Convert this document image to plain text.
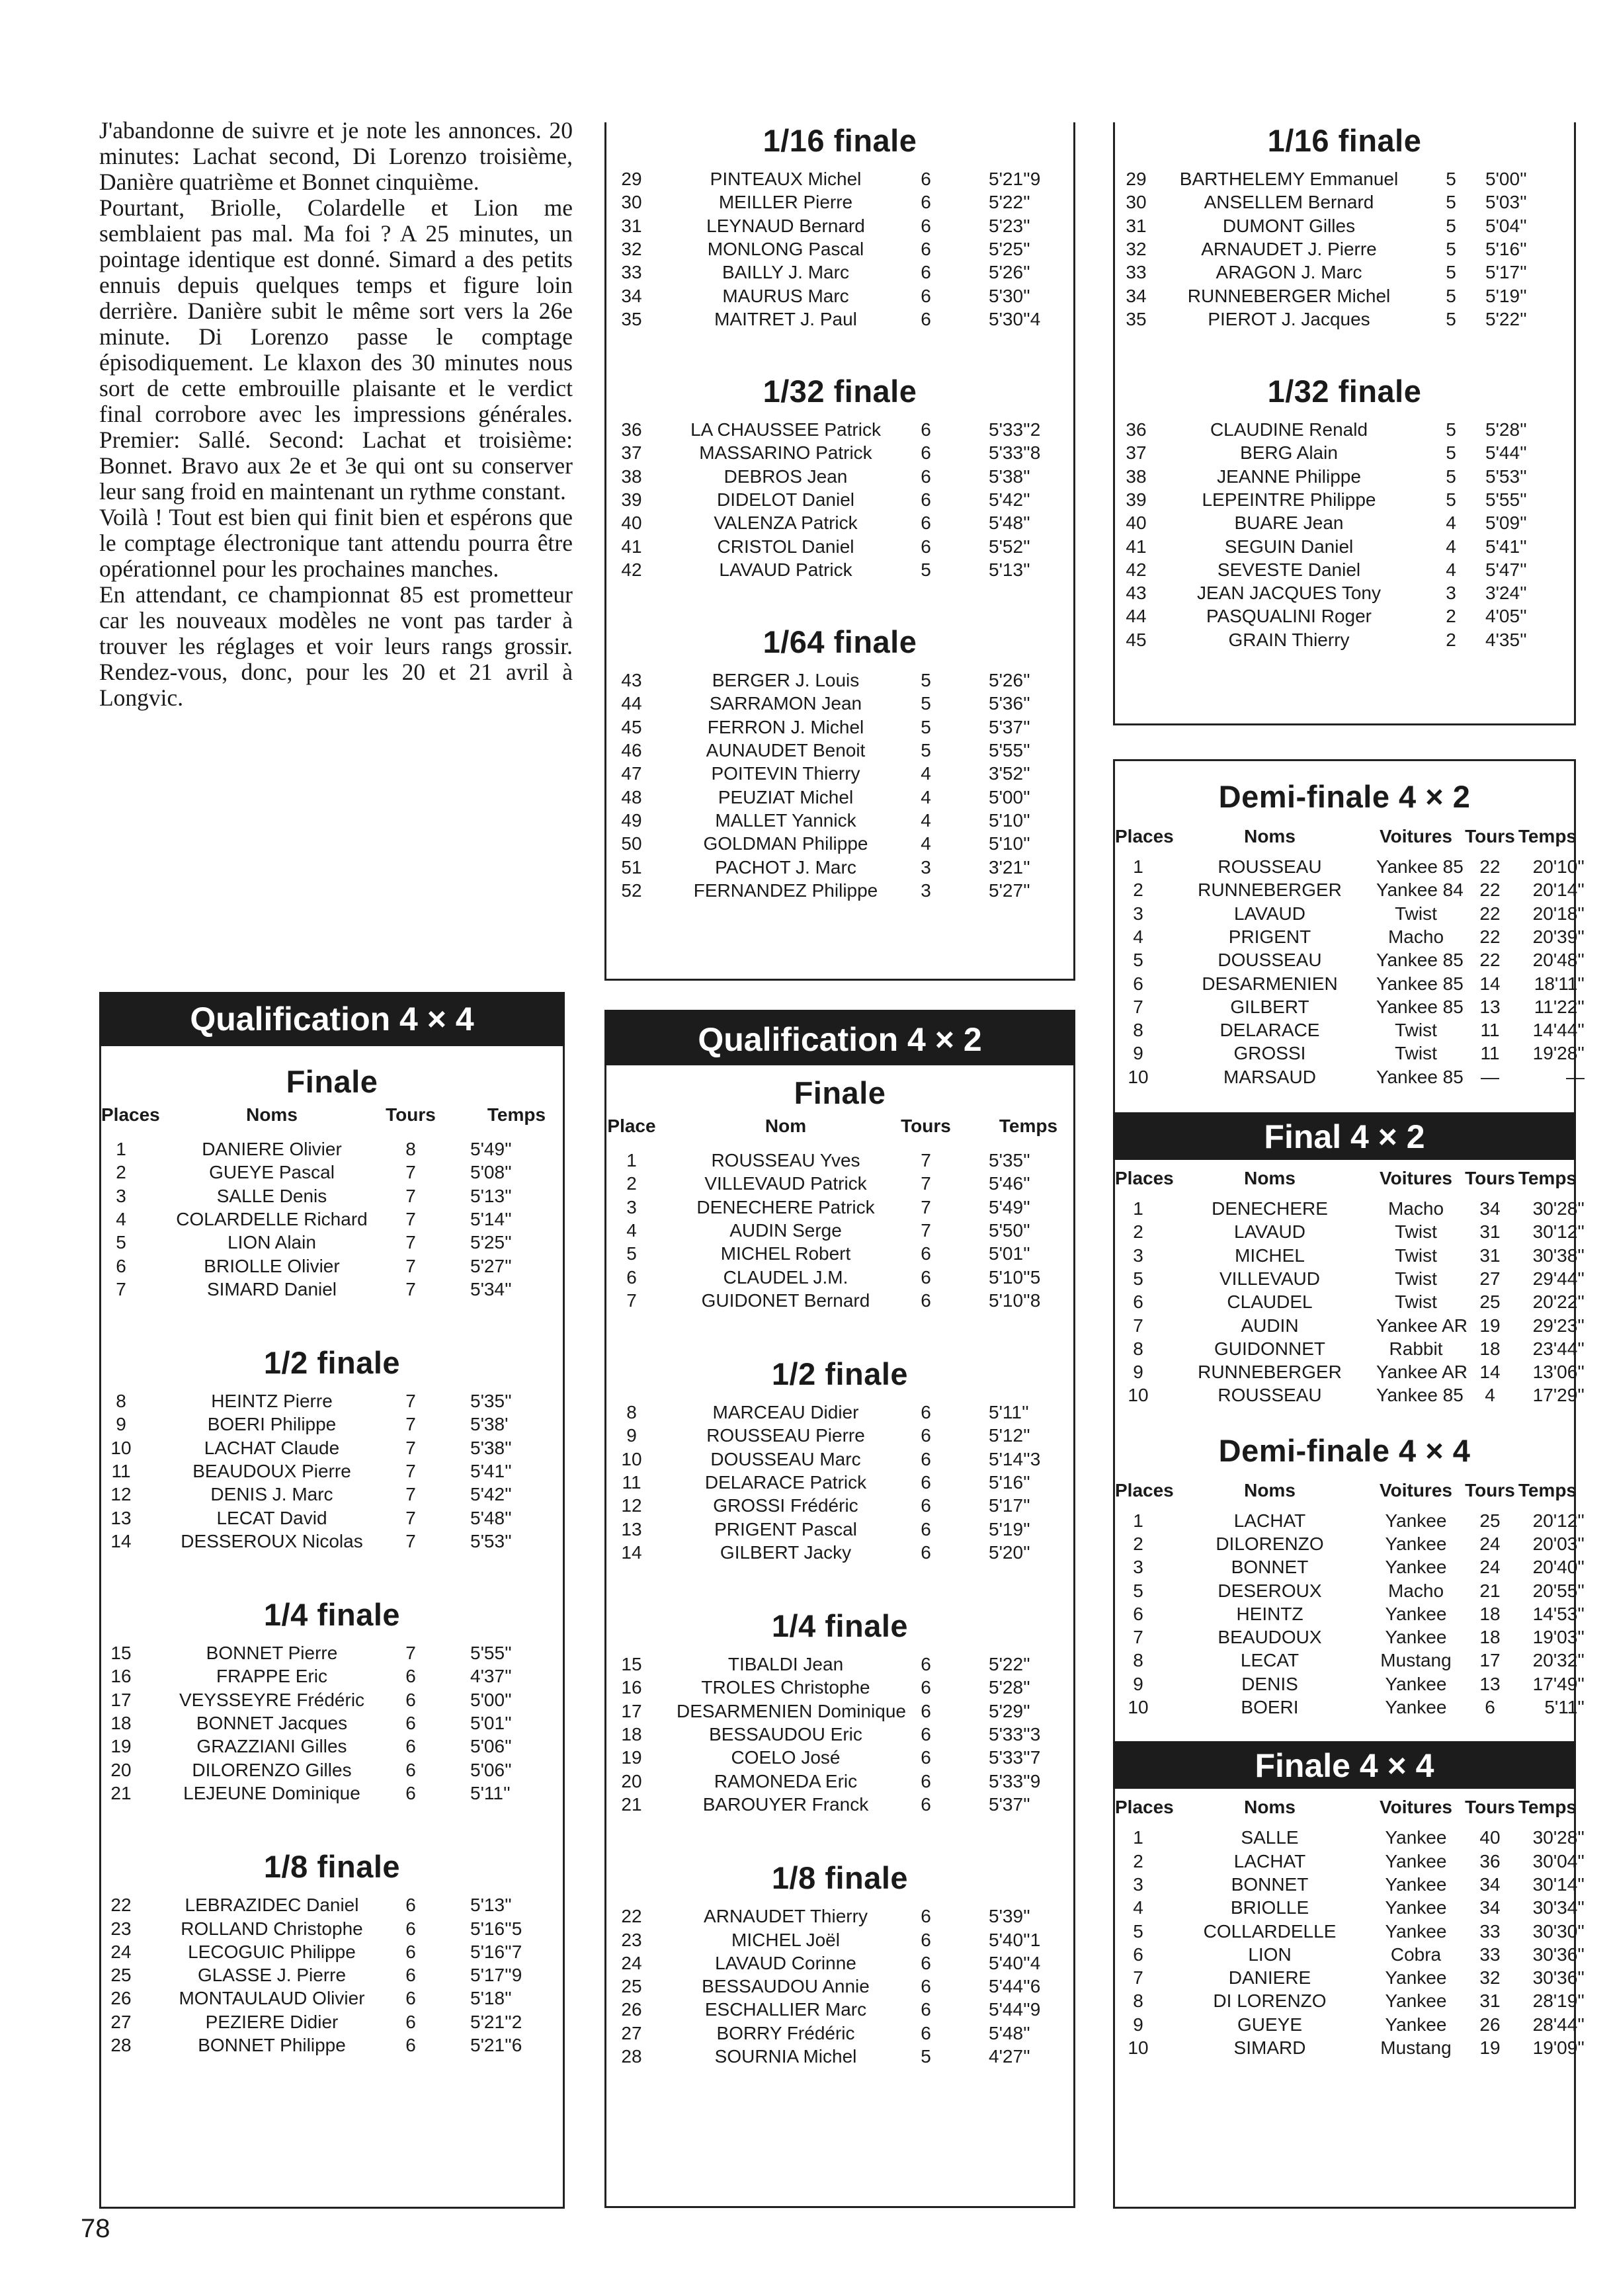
J'abandonne de suivre et je note les annonces. 20 minutes: Lachat second, Di Lorenzo troisième, Danière quatrième et Bonnet cinquième.

Pourtant, Briolle, Colardelle et Lion me semblaient pas mal. Ma foi ? A 25 minutes, un pointage identique est donné. Simard a des petits ennuis depuis quelques temps et figure loin derrière. Danière subit le même sort vers la 26e minute. Di Lorenzo passe le comptage épisodiquement. Le klaxon des 30 minutes nous sort de cette embrouille plaisante et le verdict final corrobore avec les impressions générales. Premier: Sallé. Second: Lachat et troisième: Bonnet. Bravo aux 2e et 3e qui ont su conserver leur sang froid en maintenant un rythme constant.

Voilà ! Tout est bien qui finit bien et espérons que le comptage électronique tant attendu pourra être opérationnel pour les prochaines manches.

En attendant, ce championnat 85 est prometteur car les nouveaux modèles ne vont pas tarder à trouver les réglages et voir leurs rangs grossir. Rendez-vous, donc, pour les 20 et 21 avril à Longvic.

Qualification 4 × 4
Finale
Places	Noms	Tours	Temps
1	DANIERE Olivier	8	5'49''
2	GUEYE Pascal	7	5'08''
3	SALLE Denis	7	5'13''
4	COLARDELLE Richard	7	5'14''
5	LION Alain	7	5'25''
6	BRIOLLE Olivier	7	5'27''
7	SIMARD Daniel	7	5'34''
1/2 finale
8	HEINTZ Pierre	7	5'35''
9	BOERI Philippe	7	5'38'
10	LACHAT Claude	7	5'38''
11	BEAUDOUX Pierre	7	5'41''
12	DENIS J. Marc	7	5'42''
13	LECAT David	7	5'48''
14	DESSEROUX Nicolas	7	5'53''
1/4 finale
15	BONNET Pierre	7	5'55''
16	FRAPPE Eric	6	4'37''
17	VEYSSEYRE Frédéric	6	5'00''
18	BONNET Jacques	6	5'01''
19	GRAZZIANI Gilles	6	5'06''
20	DILORENZO Gilles	6	5'06''
21	LEJEUNE Dominique	6	5'11''
1/8 finale
22	LEBRAZIDEC Daniel	6	5'13''
23	ROLLAND Christophe	6	5'16''5
24	LECOGUIC Philippe	6	5'16''7
25	GLASSE J. Pierre	6	5'17''9
26	MONTAULAUD Olivier	6	5'18''
27	PEZIERE Didier	6	5'21''2
28	BONNET Philippe	6	5'21''6
1/16 finale
29	PINTEAUX Michel	6	5'21''9
30	MEILLER Pierre	6	5'22''
31	LEYNAUD Bernard	6	5'23''
32	MONLONG Pascal	6	5'25''
33	BAILLY J. Marc	6	5'26''
34	MAURUS Marc	6	5'30''
35	MAITRET J. Paul	6	5'30''4
1/32 finale
36	LA CHAUSSEE Patrick	6	5'33''2
37	MASSARINO Patrick	6	5'33''8
38	DEBROS Jean	6	5'38''
39	DIDELOT Daniel	6	5'42''
40	VALENZA Patrick	6	5'48''
41	CRISTOL Daniel	6	5'52''
42	LAVAUD Patrick	5	5'13''
1/64 finale
43	BERGER J. Louis	5	5'26''
44	SARRAMON Jean	5	5'36''
45	FERRON J. Michel	5	5'37''
46	AUNAUDET Benoit	5	5'55''
47	POITEVIN Thierry	4	3'52''
48	PEUZIAT Michel	4	5'00''
49	MALLET Yannick	4	5'10''
50	GOLDMAN Philippe	4	5'10''
51	PACHOT J. Marc	3	3'21''
52	FERNANDEZ Philippe	3	5'27''
Qualification 4 × 2
Finale
Place	Nom	Tours	Temps
1	ROUSSEAU Yves	7	5'35''
2	VILLEVAUD Patrick	7	5'46''
3	DENECHERE Patrick	7	5'49''
4	AUDIN Serge	7	5'50''
5	MICHEL Robert	6	5'01''
6	CLAUDEL J.M.	6	5'10''5
7	GUIDONET Bernard	6	5'10''8
1/2 finale
8	MARCEAU Didier	6	5'11''
9	ROUSSEAU Pierre	6	5'12''
10	DOUSSEAU Marc	6	5'14''3
11	DELARACE Patrick	6	5'16''
12	GROSSI Frédéric	6	5'17''
13	PRIGENT Pascal	6	5'19''
14	GILBERT Jacky	6	5'20''
1/4 finale
15	TIBALDI Jean	6	5'22''
16	TROLES Christophe	6	5'28''
17	DESARMENIEN Dominique 6	5'29''
18	BESSAUDOU Eric	6	5'33''3
19	COELO José	6	5'33''7
20	RAMONEDA Eric	6	5'33''9
21	BAROUYER Franck	6	5'37''
1/8 finale
22	ARNAUDET Thierry	6	5'39''
23	MICHEL Joël	6	5'40''1
24	LAVAUD Corinne	6	5'40''4
25	BESSAUDOU Annie	6	5'44''6
26	ESCHALLIER Marc	6	5'44''9
27	BORRY Frédéric	6	5'48''
28	SOURNIA Michel	5	4'27''
1/16 finale
29	BARTHELEMY Emmanuel	5	5'00''
30	ANSELLEM Bernard	5	5'03''
31	DUMONT Gilles	5	5'04''
32	ARNAUDET J. Pierre	5	5'16''
33	ARAGON J. Marc	5	5'17''
34	RUNNEBERGER Michel	5	5'19''
35	PIEROT J. Jacques	5	5'22''
1/32 finale
36	CLAUDINE Renald	5	5'28''
37	BERG Alain	5	5'44''
38	JEANNE Philippe	5	5'53''
39	LEPEINTRE Philippe	5	5'55''
40	BUARE Jean	4	5'09''
41	SEGUIN Daniel	4	5'41''
42	SEVESTE Daniel	4	5'47''
43	JEAN JACQUES Tony	3	3'24''
44	PASQUALINI Roger	2	4'05''
45	GRAIN Thierry	2	4'35''
Demi-finale 4 × 2
Places	Noms	Voitures Tours Temps
1	ROUSSEAU	Yankee 85 22	20'10''
2	RUNNEBERGER	Yankee 84 22	20'14''
3	LAVAUD	Twist	22	20'18''
4	PRIGENT	Macho	22	20'39''
5	DOUSSEAU	Yankee 85 22	20'48''
6	DESARMENIEN	Yankee 85 14	18'11''
7	GILBERT	Yankee 85 13	11'22''
8	DELARACE	Twist	11	14'44''
9	GROSSI	Twist	11	19'28''
10	MARSAUD	Yankee 85 —	—
Final 4 × 2
Places	Noms	Voitures Tours Temps
1	DENECHERE	Macho	34	30'28''
2	LAVAUD	Twist	31	30'12''
3	MICHEL	Twist	31	30'38''
5	VILLEVAUD	Twist	27	29'44''
6	CLAUDEL	Twist	25	20'22''
7	AUDIN	Yankee AR 19	29'23''
8	GUIDONNET	Rabbit	18	23'44''
9	RUNNEBERGER	Yankee AR 14	13'06''
10	ROUSSEAU	Yankee 85	4	17'29''
Demi-finale 4 × 4
Places	Noms	Voitures Tours Temps
1	LACHAT	Yankee	25	20'12''
2	DILORENZO	Yankee	24	20'03''
3	BONNET	Yankee	24	20'40''
5	DESEROUX	Macho	21	20'55''
6	HEINTZ	Yankee	18	14'53''
7	BEAUDOUX	Yankee	18	19'03''
8	LECAT	Mustang	17	20'32''
9	DENIS	Yankee	13	17'49''
10	BOERI	Yankee	6	5'11''
Finale 4 × 4
Places	Noms	Voitures Tours Temps
1	SALLE	Yankee	40	30'28''
2	LACHAT	Yankee	36	30'04''
3	BONNET	Yankee	34	30'14''
4	BRIOLLE	Yankee	34	30'34''
5	COLLARDELLE	Yankee	33	30'30''
6	LION	Cobra	33	30'36''
7	DANIERE	Yankee	32	30'36''
8	DI LORENZO	Yankee	31	28'19''
9	GUEYE	Yankee	26	28'44''
10	SIMARD	Mustang	19	19'09''
78
